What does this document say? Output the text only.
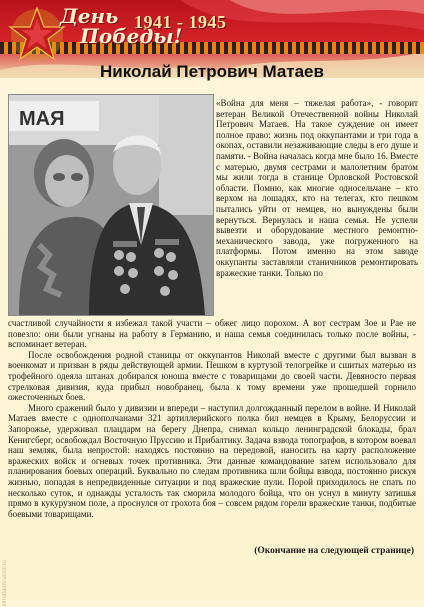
День
Победы!
1941 - 1945
Николай Петрович Матаев
МАЯ

«Война для меня – тяжелая работа», - говорит ветеран Великой Отечественной войны Николай Петрович Матаев. На такое суждение он имеет полное право: жизнь под оккупантами и три года в окопах, оставили незаживающие следы в его душе и памяти. - Война началась когда мне было 16. Вместе с матерью, двумя сестрами и малолетним братом мы жили тогда в станице Орловской Ростовской области. Помню, как многие односельчане – кто верхом на лошадях, кто на телегах, кто пешком пытались уйти от немцев, но вынуждены были вернуться. Вернулась и наша семья. Не успели вывезти и оборудование местного ремонтно-механического завода, уже погруженного на платформы. Потом именно на этом заводе оккупанты заставляли станичников ремонтировать вражеские танки. Только по

счастливой случайности я избежал такой участи – обжег лицо порохом. А вот сестрам Зое и Рае не повезло: они были угнаны на работу в Германию, и наша семья соединилась только после войны, - вспоминает ветеран.

После освобождения родной станицы от оккупантов Николай вместе с другими был вызван в военкомат и призван в ряды действующей армии. Пешком в куртузой телогрейке и сшитых матерью из трофейного одеяла штанах добирался юноша вместе с товарищами до своей части. Девяносто первая стрелковая дивизия, куда прибыл новобранец, была к тому времени уже прошедшей горнило ожесточенных боев.

Много сражений было у дивизии и впереди – наступил долгожданный перелом в войне. И Николай Матаев вместе с однополчанами 321 артиллерийского полка бил немцев в Крыму, Белоруссии и Запорожье, удерживал плацдарм на берегу Днепра, снимал кольцо ленинградской блокады, брал Кенигсберг, освобождал Восточную Пруссию и Прибалтику. Задача взвода топографов, в котором воевал наш земляк, была непростой: находясь постоянно на передовой, наносить на карту расположение вражеских войск и огневых точек противника. Эти данные командование затем использовало для планирования боевых операций. Буквально по следам противника шли бойцы взвода, постоянно рискуя жизнью, попадая в непредвиденные ситуации и под вражеские пули. Порой приходилось не спать по несколько суток, и однажды усталость так сморила молодого бойца, что он уснул в минуту затишья прямо в кукурузном поле, а проснулся от грохота боя – совсем рядом горели вражеские танки, подбитые боевыми товарищами.

(Окончание на следующей странице)
elmatalov.ucoz.ru
